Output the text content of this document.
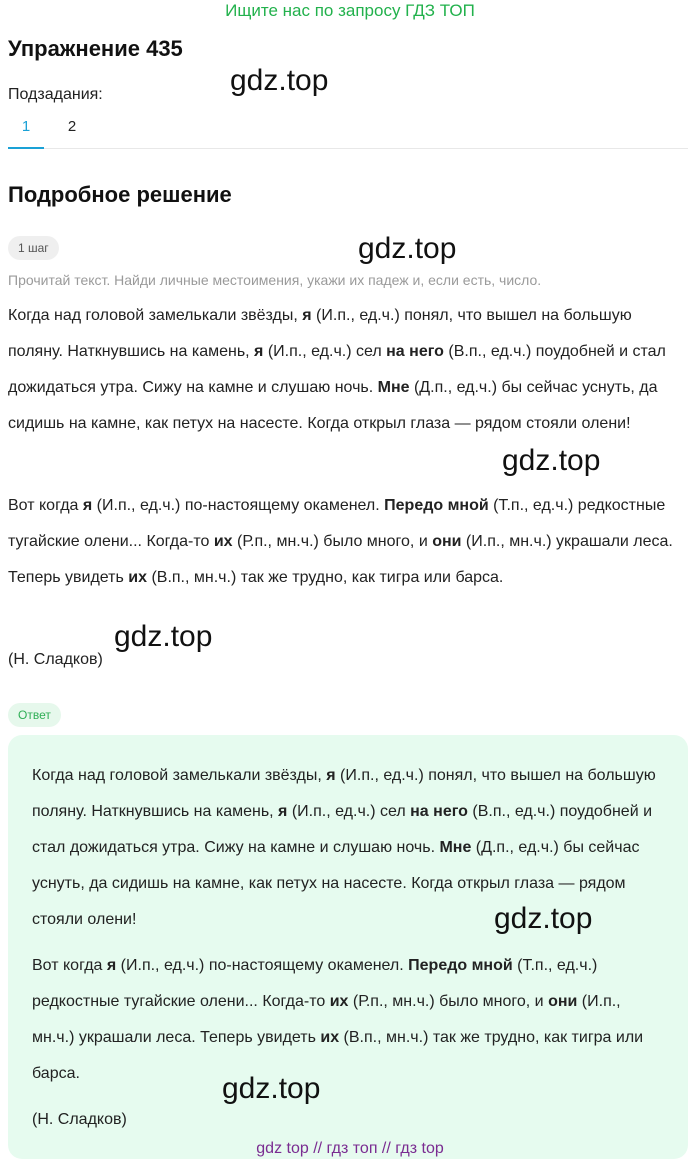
Ищите нас по запросу ГДЗ ТОП
Упражнение 435
Подзадания:
1	2
Подробное решение
1 шаг
Прочитай текст. Найди личные местоимения, укажи их падеж и, если есть, число.

Когда над головой замелькали звёзды, я (И.п., ед.ч.) понял, что вышел на большую поляну. Наткнувшись на камень, я (И.п., ед.ч.) сел на него (В.п., ед.ч.) поудобней и стал дожидаться утра. Сижу на камне и слушаю ночь. Мне (Д.п., ед.ч.) бы сейчас уснуть, да сидишь на камне, как петух на насесте. Когда открыл глаза — рядом стояли олени!

Вот когда я (И.п., ед.ч.) по-настоящему окаменел. Передо мной (Т.п., ед.ч.) редкостные тугайские олени... Когда-то их (Р.п., мн.ч.) было много, и они (И.п., мн.ч.) украшали леса. Теперь увидеть их (В.п., мн.ч.) так же трудно, как тигра или барса.

(Н. Сладков)
Ответ

Когда над головой замелькали звёзды, я (И.п., ед.ч.) понял, что вышел на большую поляну. Наткнувшись на камень, я (И.п., ед.ч.) сел на него (В.п., ед.ч.) поудобней и стал дожидаться утра. Сижу на камне и слушаю ночь. Мне (Д.п., ед.ч.) бы сейчас уснуть, да сидишь на камне, как петух на насесте. Когда открыл глаза — рядом стояли олени!

Вот когда я (И.п., ед.ч.) по-настоящему окаменел. Передо мной (Т.п., ед.ч.) редкостные тугайские олени... Когда-то их (Р.п., мн.ч.) было много, и они (И.п., мн.ч.) украшали леса. Теперь увидеть их (В.п., мн.ч.) так же трудно, как тигра или барса.

(Н. Сладков)
gdz.top
gdz.top
gdz.top
gdz.top
gdz.top
gdz.top
gdz top // гдз топ // гдз top
